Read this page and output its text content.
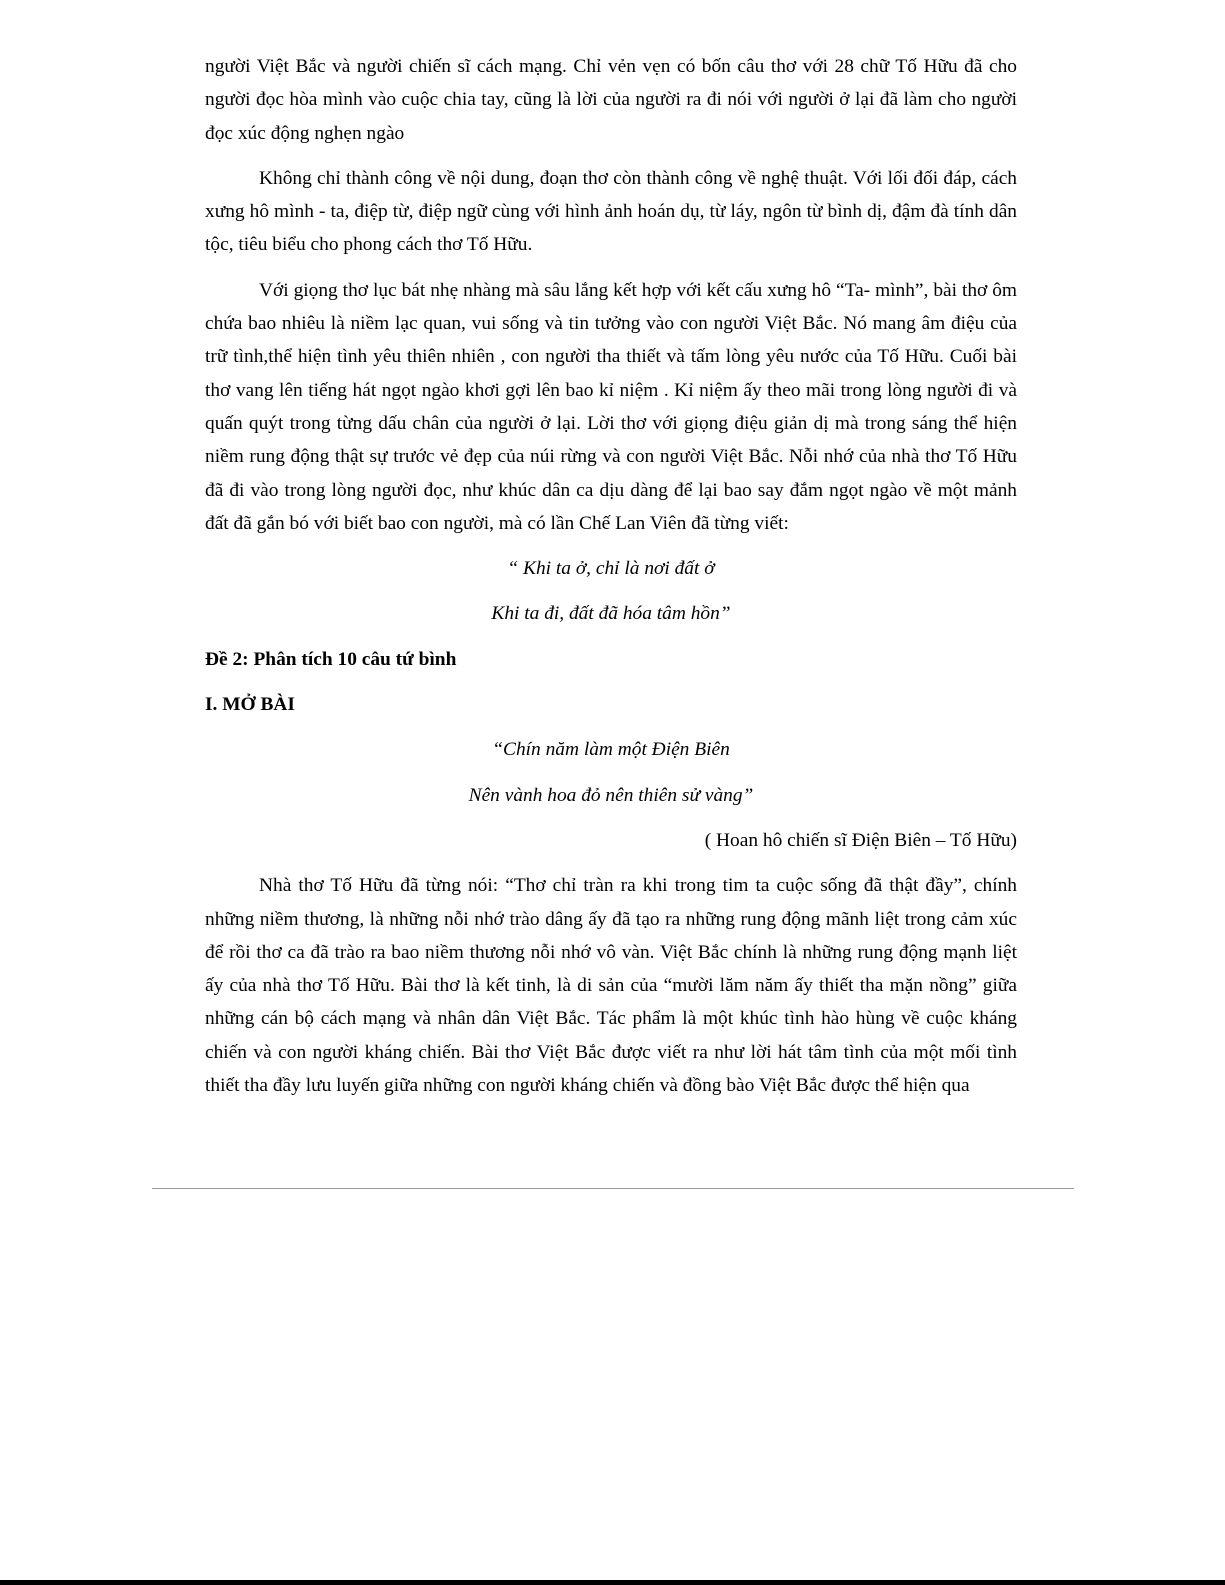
người Việt Bắc và người chiến sĩ cách mạng. Chỉ vẻn vẹn có bốn câu thơ với 28 chữ Tố Hữu đã cho người đọc hòa mình vào cuộc chia tay, cũng là lời của người ra đi nói với người ở lại đã làm cho người đọc xúc động nghẹn ngào

Không chỉ thành công về nội dung, đoạn thơ còn thành công về nghệ thuật. Với lối đối đáp, cách xưng hô mình - ta, điệp từ, điệp ngữ cùng với hình ảnh hoán dụ, từ láy, ngôn từ bình dị, đậm đà tính dân tộc, tiêu biểu cho phong cách thơ Tố Hữu.

Với giọng thơ lục bát nhẹ nhàng mà sâu lắng kết hợp với kết cấu xưng hô “Ta- mình”, bài thơ ôm chứa bao nhiêu là niềm lạc quan, vui sống và tin tưởng vào con người Việt Bắc. Nó mang âm điệu của trữ tình,thể hiện tình yêu thiên nhiên , con người tha thiết và tấm lòng yêu nước của Tố Hữu. Cuối bài thơ vang lên tiếng hát ngọt ngào khơi gợi lên bao kỉ niệm . Kỉ niệm ấy theo mãi trong lòng người đi và quấn quýt trong từng dấu chân của người ở lại. Lời thơ với giọng điệu giản dị mà trong sáng thể hiện niềm rung động thật sự trước vẻ đẹp của núi rừng và con người Việt Bắc. Nỗi nhớ của nhà thơ Tố Hữu đã đi vào trong lòng người đọc, như khúc dân ca dịu dàng để lại bao say đắm ngọt ngào về một mảnh đất đã gắn bó với biết bao con người, mà có lần Chế Lan Viên đã từng viết:

“ Khi ta ở, chỉ là nơi đất ở
Khi ta đi, đất đã hóa tâm hồn”
Đề 2: Phân tích 10 câu tứ bình
I. MỞ BÀI
“Chín năm làm một Điện Biên
Nên vành hoa đỏ nên thiên sử vàng”
( Hoan hô chiến sĩ Điện Biên – Tố Hữu)

Nhà thơ Tố Hữu đã từng nói: “Thơ chỉ tràn ra khi trong tim ta cuộc sống đã thật đầy”, chính những niềm thương, là những nỗi nhớ trào dâng ấy đã tạo ra những rung động mãnh liệt trong cảm xúc để rồi thơ ca đã trào ra bao niềm thương nỗi nhớ vô vàn. Việt Bắc chính là những rung động mạnh liệt ấy của nhà thơ Tố Hữu. Bài thơ là kết tinh, là di sản của “mười lăm năm ấy thiết tha mặn nồng” giữa những cán bộ cách mạng và nhân dân Việt Bắc. Tác phẩm là một khúc tình hào hùng về cuộc kháng chiến và con người kháng chiến. Bài thơ Việt Bắc được viết ra như lời hát tâm tình của một mối tình thiết tha đầy lưu luyến giữa những con người kháng chiến và đồng bào Việt Bắc được thể hiện qua
